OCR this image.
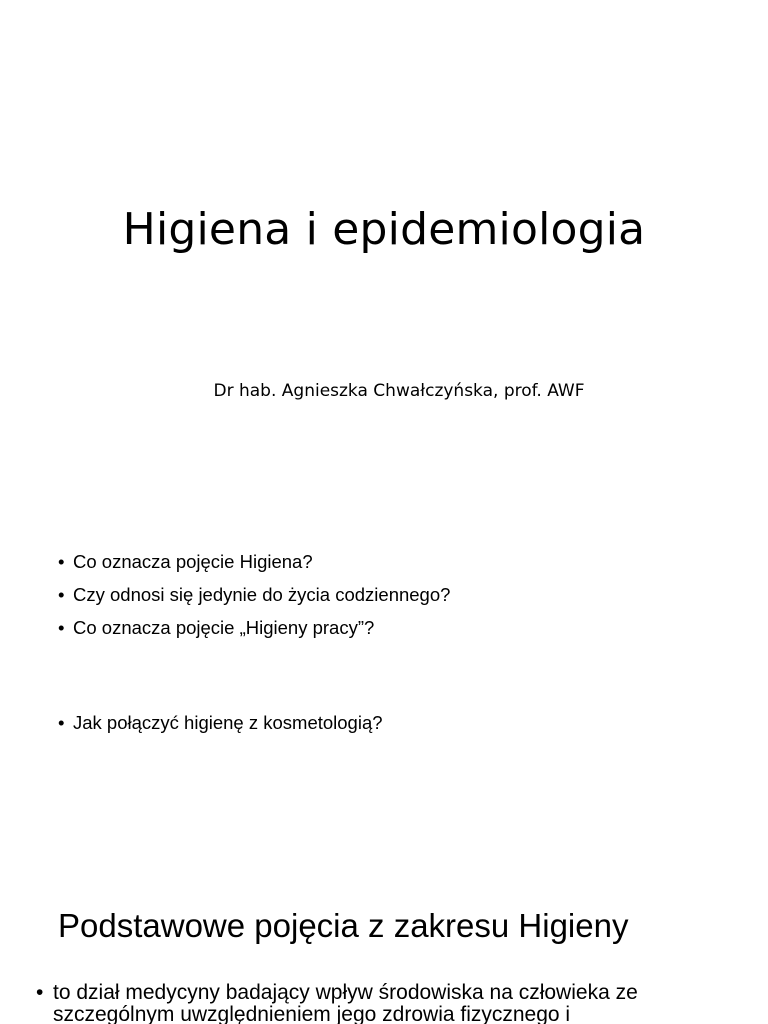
Higiena i epidemiologia
Dr hab. Agnieszka Chwałczyńska, prof. AWF
• Co oznacza pojęcie Higiena?
• Czy odnosi się jedynie do życia codziennego?
• Co oznacza pojęcie „Higieny pracy”?
• Jak połączyć higienę z kosmetologią?
Podstawowe pojęcia z zakresu Higieny
• to dział medycyny badający wpływ środowiska na człowieka ze szczególnym uwzględnieniem jego zdrowia fizycznego i
